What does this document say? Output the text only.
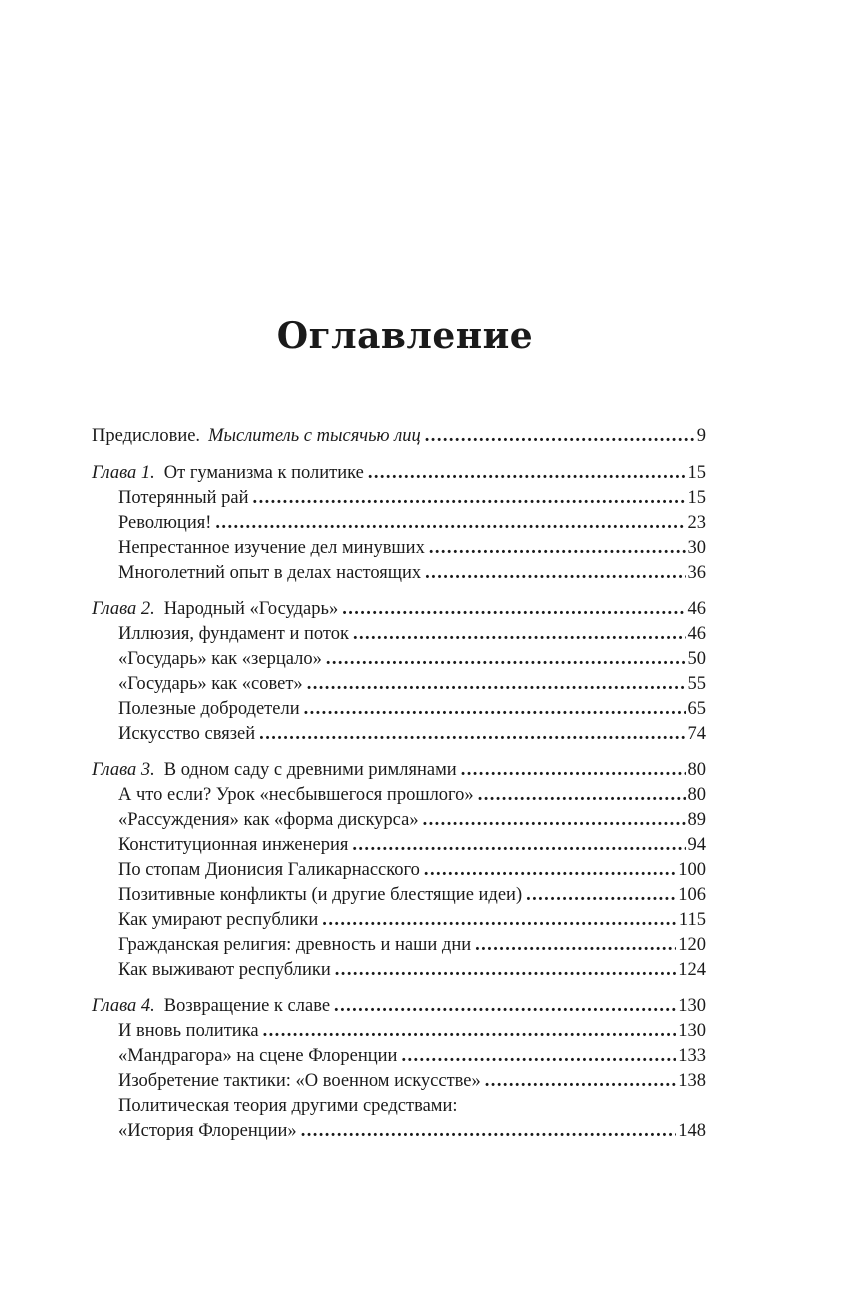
Оглавление
Предисловие. Мыслитель с тысячью лиц .....	9
Глава 1. От гуманизма к политике .....	15
Потерянный рай .....	15
Революция! .....	23
Непрестанное изучение дел минувших .....	30
Многолетний опыт в делах настоящих .....	36
Глава 2. Народный «Государь» .....	46
Иллюзия, фундамент и поток .....	46
«Государь» как «зерцало» .....	50
«Государь» как «совет» .....	55
Полезные добродетели .....	65
Искусство связей .....	74
Глава 3. В одном саду с древними римлянами .....	80
А что если? Урок «несбывшегося прошлого» .....	80
«Рассуждения» как «форма дискурса» .....	89
Конституционная инженерия .....	94
По стопам Дионисия Галикарнасского .....	100
Позитивные конфликты (и другие блестящие идеи) .....	106
Как умирают республики .....	115
Гражданская религия: древность и наши дни .....	120
Как выживают республики .....	124
Глава 4. Возвращение к славе .....	130
И вновь политика .....	130
«Мандрагора» на сцене Флоренции .....	133
Изобретение тактики: «О военном искусстве» .....	138
Политическая теория другими средствами:
«История Флоренции» .....	148
